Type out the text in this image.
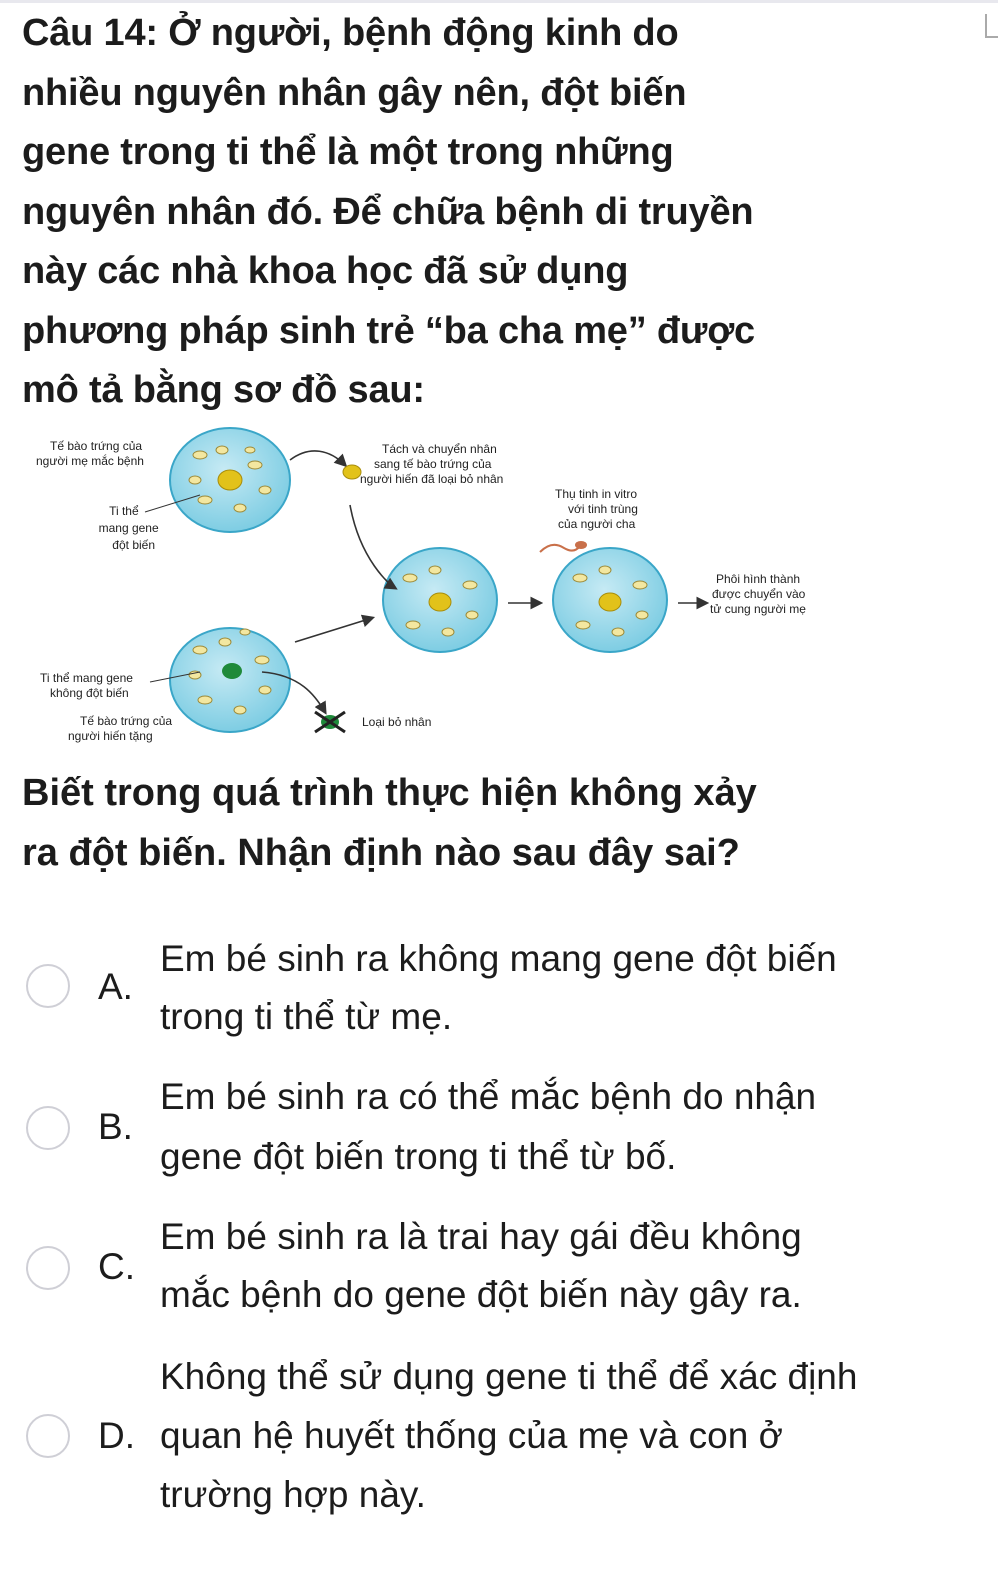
Câu 14: Ở người, bệnh động kinh do
nhiều nguyên nhân gây nên, đột biến
gene trong ti thể là một trong những
nguyên nhân đó. Để chữa bệnh di truyền
này các nhà khoa học đã sử dụng
phương pháp sinh trẻ “ba cha mẹ” được
mô tả bằng sơ đồ sau:
Tế bào trứng của người mẹ mắc bệnh
Ti thể mang gene đột biến
Tách và chuyển nhân sang tế bào trứng của người hiến đã loại bỏ nhân
Thụ tinh in vitro với tinh trùng của người cha
Phôi hình thành được chuyển vào tử cung người mẹ
Ti thể mang gene không đột biến
Tế bào trứng của người hiến tặng
Loại bỏ nhân
Biết trong quá trình thực hiện không xảy
ra đột biến. Nhận định nào sau đây sai?
A.
Em bé sinh ra không mang gene đột biến
trong ti thể từ mẹ.
B.
Em bé sinh ra có thể mắc bệnh do nhận
gene đột biến trong ti thể từ bố.
C.
Em bé sinh ra là trai hay gái đều không
mắc bệnh do gene đột biến này gây ra.
D.
Không thể sử dụng gene ti thể để xác định
quan hệ huyết thống của mẹ và con ở
trường hợp này.
